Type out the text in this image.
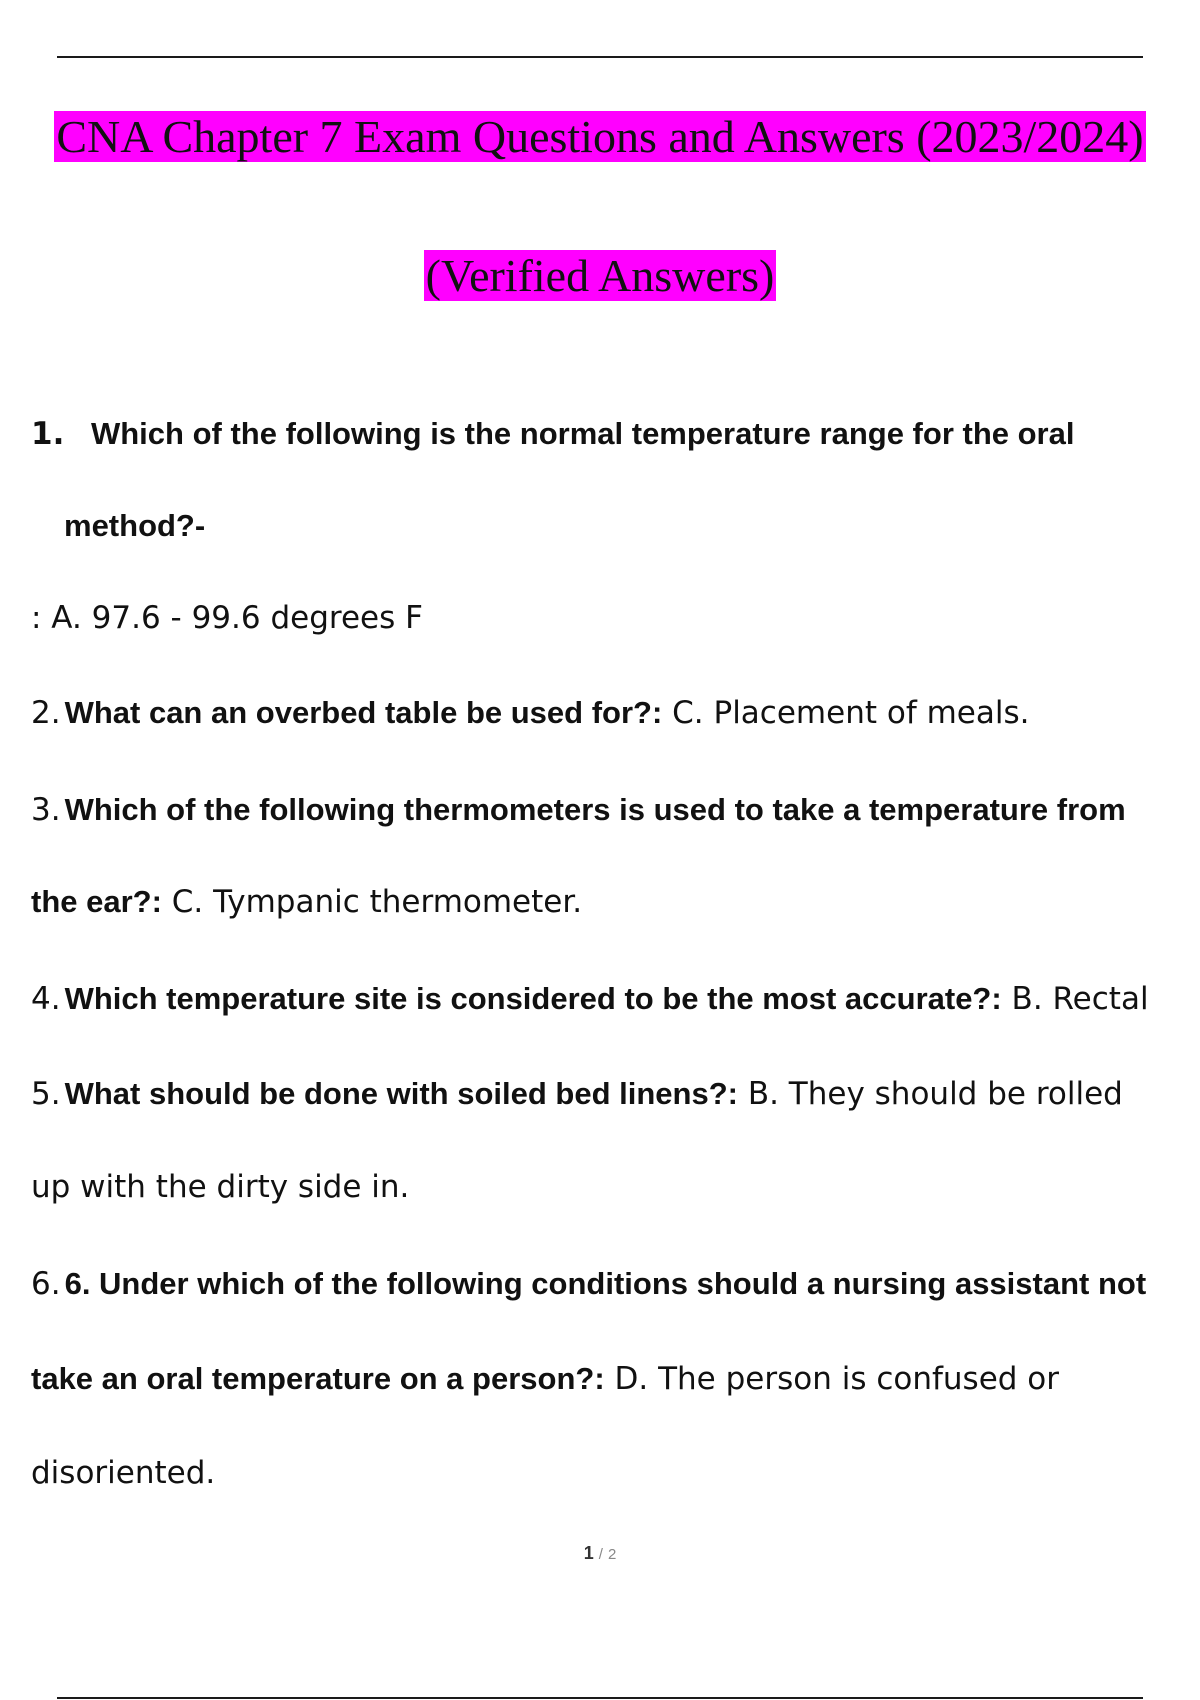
CNA Chapter 7 Exam Questions and Answers (2023/2024)
(Verified Answers)
1. Which of the following is the normal temperature range for the oral
method?-
: A. 97.6 - 99.6 degrees F
2. What can an overbed table be used for?: C. Placement of meals.
3. Which of the following thermometers is used to take a temperature from
the ear?: C. Tympanic thermometer.
4. Which temperature site is considered to be the most accurate?: B. Rectal
5. What should be done with soiled bed linens?: B. They should be rolled
up with the dirty side in.
6. 6. Under which of the following conditions should a nursing assistant not
take an oral temperature on a person?: D. The person is confused or
disoriented.
1 / 2
